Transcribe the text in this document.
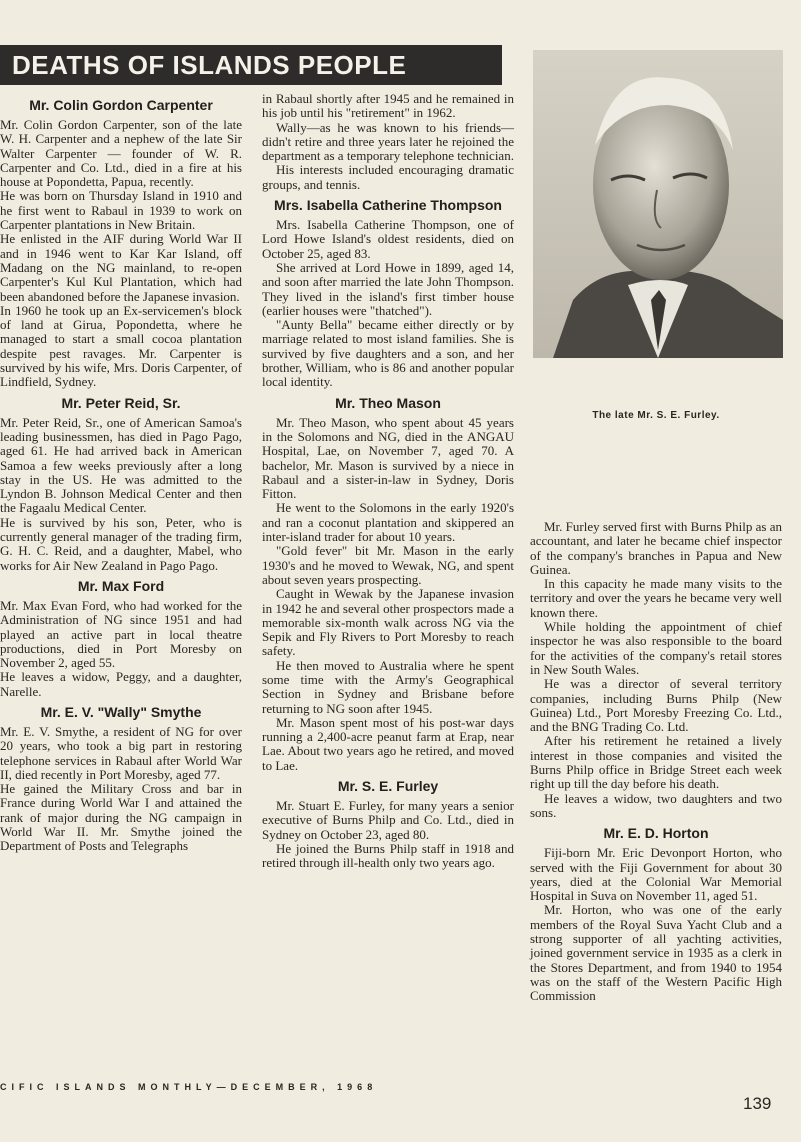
DEATHS OF ISLANDS PEOPLE
Mr. Colin Gordon Carpenter

Mr. Colin Gordon Carpenter, son of the late W. H. Carpenter and a nephew of the late Sir Walter Carpenter — founder of W. R. Carpenter and Co. Ltd., died in a fire at his house at Popondetta, Papua, recently.

He was born on Thursday Island in 1910 and he first went to Rabaul in 1939 to work on Carpenter plantations in New Britain.

He enlisted in the AIF during World War II and in 1946 went to Kar Kar Island, off Madang on the NG mainland, to re-open Carpenter's Kul Kul Plantation, which had been abandoned before the Japanese invasion.

In 1960 he took up an Ex-servicemen's block of land at Girua, Popondetta, where he managed to start a small cocoa plantation despite pest ravages. Mr. Carpenter is survived by his wife, Mrs. Doris Carpenter, of Lindfield, Sydney.

Mr. Peter Reid, Sr.

Mr. Peter Reid, Sr., one of American Samoa's leading businessmen, has died in Pago Pago, aged 61. He had arrived back in American Samoa a few weeks previously after a long stay in the US. He was admitted to the Lyndon B. Johnson Medical Center and then the Fagaalu Medical Center.

He is survived by his son, Peter, who is currently general manager of the trading firm, G. H. C. Reid, and a daughter, Mabel, who works for Air New Zealand in Pago Pago.

Mr. Max Ford

Mr. Max Evan Ford, who had worked for the Administration of NG since 1951 and had played an active part in local theatre productions, died in Port Moresby on November 2, aged 55.

He leaves a widow, Peggy, and a daughter, Narelle.

Mr. E. V. "Wally" Smythe

Mr. E. V. Smythe, a resident of NG for over 20 years, who took a big part in restoring telephone services in Rabaul after World War II, died recently in Port Moresby, aged 77.

He gained the Military Cross and bar in France during World War I and attained the rank of major during the NG campaign in World War II. Mr. Smythe joined the Department of Posts and Telegraphs

in Rabaul shortly after 1945 and he remained in his job until his "retirement" in 1962.

Wally—as he was known to his friends—didn't retire and three years later he rejoined the department as a temporary telephone technician.

His interests included encouraging dramatic groups, and tennis.

Mrs. Isabella Catherine Thompson

Mrs. Isabella Catherine Thompson, one of Lord Howe Island's oldest residents, died on October 25, aged 83.

She arrived at Lord Howe in 1899, aged 14, and soon after married the late John Thompson. They lived in the island's first timber house (earlier houses were "thatched").

"Aunty Bella" became either directly or by marriage related to most island families. She is survived by five daughters and a son, and her brother, William, who is 86 and another popular local identity.

Mr. Theo Mason

Mr. Theo Mason, who spent about 45 years in the Solomons and NG, died in the ANGAU Hospital, Lae, on November 7, aged 70. A bachelor, Mr. Mason is survived by a niece in Rabaul and a sister-in-law in Sydney, Doris Fitton.

He went to the Solomons in the early 1920's and ran a coconut plantation and skippered an inter-island trader for about 10 years.

"Gold fever" bit Mr. Mason in the early 1930's and he moved to Wewak, NG, and spent about seven years prospecting.

Caught in Wewak by the Japanese invasion in 1942 he and several other prospectors made a memorable six-month walk across NG via the Sepik and Fly Rivers to Port Moresby to reach safety.

He then moved to Australia where he spent some time with the Army's Geographical Section in Sydney and Brisbane before returning to NG soon after 1945.

Mr. Mason spent most of his post-war days running a 2,400-acre peanut farm at Erap, near Lae. About two years ago he retired, and moved to Lae.

Mr. S. E. Furley

Mr. Stuart E. Furley, for many years a senior executive of Burns Philp and Co. Ltd., died in Sydney on October 23, aged 80.

He joined the Burns Philp staff in 1918 and retired through ill-health only two years ago.

The late Mr. S. E. Furley.

Mr. Furley served first with Burns Philp as an accountant, and later he became chief inspector of the company's branches in Papua and New Guinea.

In this capacity he made many visits to the territory and over the years he became very well known there.

While holding the appointment of chief inspector he was also responsible to the board for the activities of the company's retail stores in New South Wales.

He was a director of several territory companies, including Burns Philp (New Guinea) Ltd., Port Moresby Freezing Co. Ltd., and the BNG Trading Co. Ltd.

After his retirement he retained a lively interest in those companies and visited the Burns Philp office in Bridge Street each week right up till the day before his death.

He leaves a widow, two daughters and two sons.

Mr. E. D. Horton

Fiji-born Mr. Eric Devonport Horton, who served with the Fiji Government for about 30 years, died at the Colonial War Memorial Hospital in Suva on November 11, aged 51.

Mr. Horton, who was one of the early members of the Royal Suva Yacht Club and a strong supporter of all yachting activities, joined government service in 1935 as a clerk in the Stores Department, and from 1940 to 1954 was on the staff of the Western Pacific High Commission

CIFIC ISLANDS MONTHLY—DECEMBER, 1968
139
